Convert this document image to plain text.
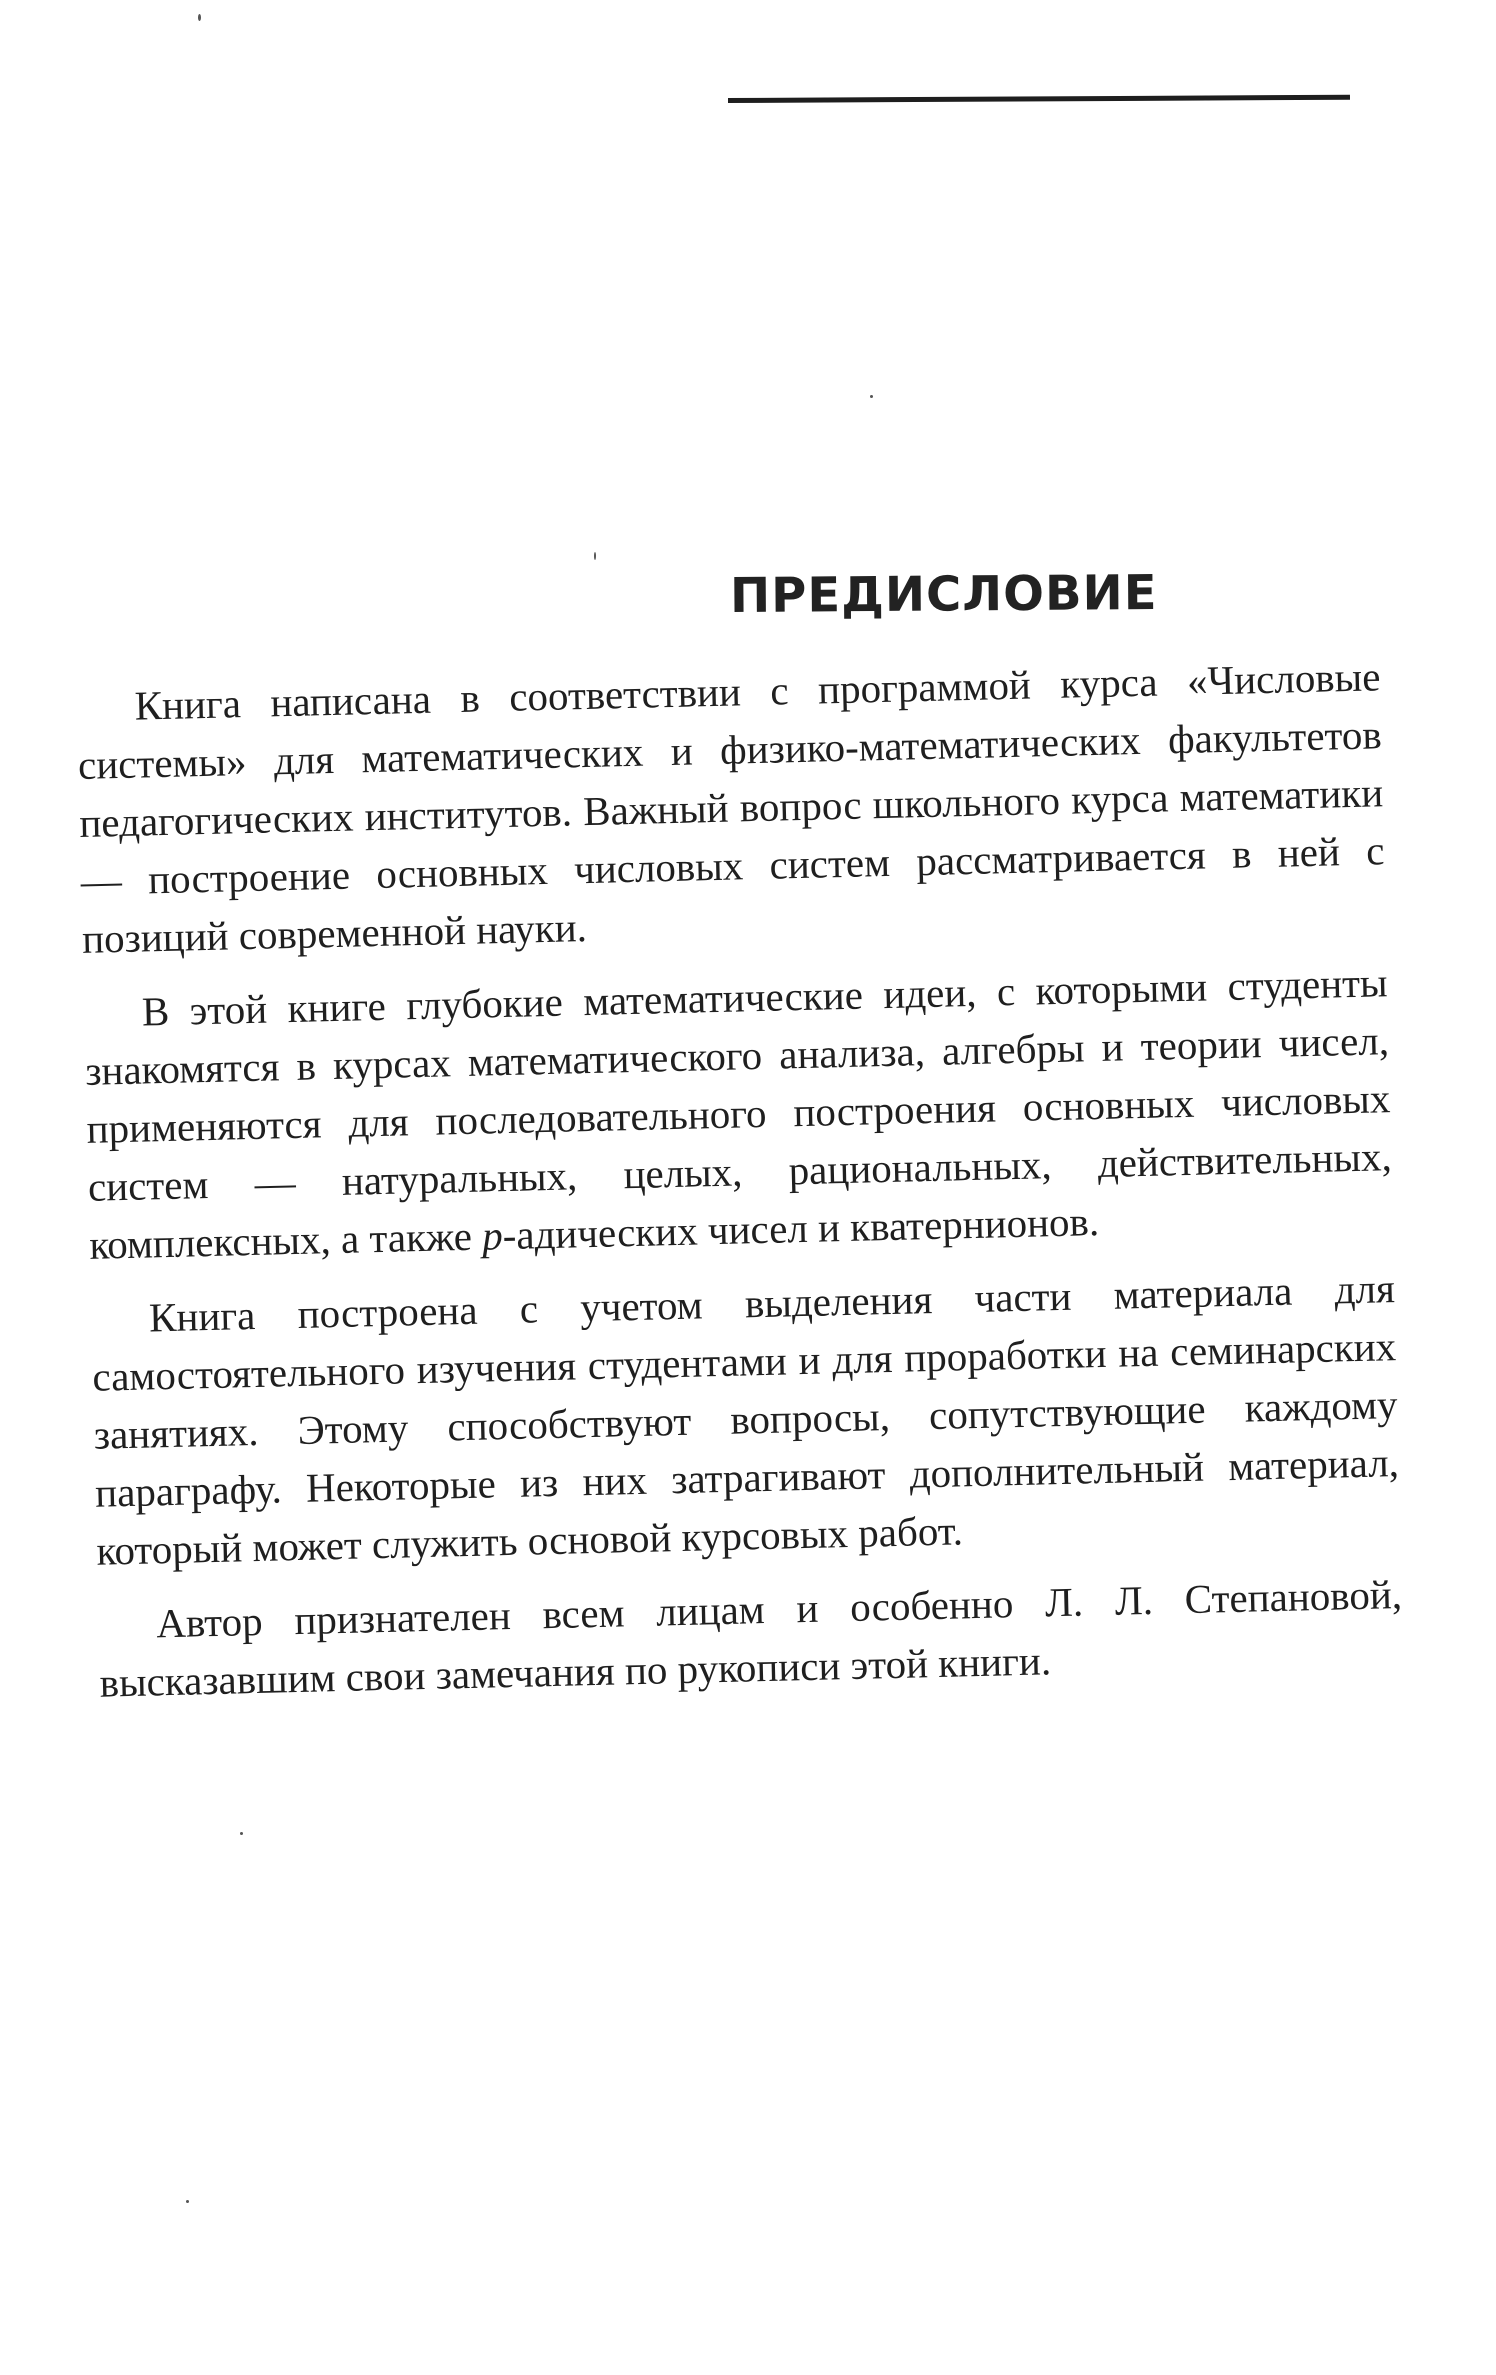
ПРЕДИСЛОВИЕ

Книга написана в соответствии с программой курса «Числовые системы» для математических и физико-математических факультетов педагогических институтов. Важный вопрос школьного курса математики — построение основных числовых систем рассматривается в ней с позиций современной науки.

В этой книге глубокие математические идеи, с которыми студенты знакомятся в курсах математического анализа, алгебры и теории чисел, применяются для последовательного построения основных числовых систем — натуральных, целых, рациональных, действительных, комплексных, а также p-адических чисел и кватернионов.

Книга построена с учетом выделения части материала для самостоятельного изучения студентами и для проработки на семинарских занятиях. Этому способствуют вопросы, сопутствующие каждому параграфу. Некоторые из них затрагивают дополнительный материал, который может служить основой курсовых работ.

Автор признателен всем лицам и особенно Л. Л. Степановой, высказавшим свои замечания по рукописи этой книги.
